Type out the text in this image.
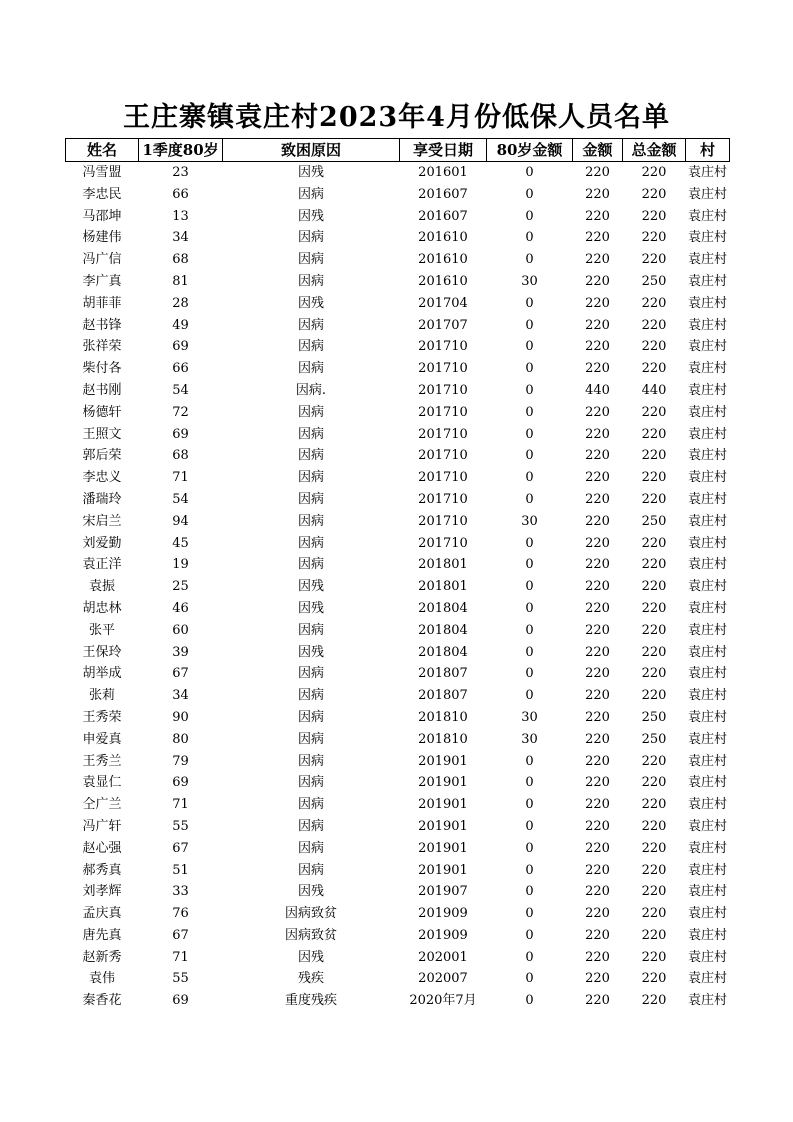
王庄寨镇袁庄村2023年4月份低保人员名单
姓名	1季度80岁	致困原因	享受日期	80岁金额	金额	总金额	村
冯雪盟	23	因残	201601	0	220	220	袁庄村
李忠民	66	因病	201607	0	220	220	袁庄村
马邵坤	13	因残	201607	0	220	220	袁庄村
杨建伟	34	因病	201610	0	220	220	袁庄村
冯广信	68	因病	201610	0	220	220	袁庄村
李广真	81	因病	201610	30	220	250	袁庄村
胡菲菲	28	因残	201704	0	220	220	袁庄村
赵书锋	49	因病	201707	0	220	220	袁庄村
张祥荣	69	因病	201710	0	220	220	袁庄村
柴付各	66	因病	201710	0	220	220	袁庄村
赵书刚	54	因病.	201710	0	440	440	袁庄村
杨德轩	72	因病	201710	0	220	220	袁庄村
王照文	69	因病	201710	0	220	220	袁庄村
郭后荣	68	因病	201710	0	220	220	袁庄村
李忠义	71	因病	201710	0	220	220	袁庄村
潘瑞玲	54	因病	201710	0	220	220	袁庄村
宋启兰	94	因病	201710	30	220	250	袁庄村
刘爱勤	45	因病	201710	0	220	220	袁庄村
袁正洋	19	因病	201801	0	220	220	袁庄村
袁振	25	因残	201801	0	220	220	袁庄村
胡忠林	46	因残	201804	0	220	220	袁庄村
张平	60	因病	201804	0	220	220	袁庄村
王保玲	39	因残	201804	0	220	220	袁庄村
胡举成	67	因病	201807	0	220	220	袁庄村
张莉	34	因病	201807	0	220	220	袁庄村
王秀荣	90	因病	201810	30	220	250	袁庄村
申爱真	80	因病	201810	30	220	250	袁庄村
王秀兰	79	因病	201901	0	220	220	袁庄村
袁显仁	69	因病	201901	0	220	220	袁庄村
仝广兰	71	因病	201901	0	220	220	袁庄村
冯广轩	55	因病	201901	0	220	220	袁庄村
赵心强	67	因病	201901	0	220	220	袁庄村
郝秀真	51	因病	201901	0	220	220	袁庄村
刘孝辉	33	因残	201907	0	220	220	袁庄村
孟庆真	76	因病致贫	201909	0	220	220	袁庄村
唐先真	67	因病致贫	201909	0	220	220	袁庄村
赵新秀	71	因残	202001	0	220	220	袁庄村
袁伟	55	残疾	202007	0	220	220	袁庄村
秦香花	69	重度残疾	2020年7月	0	220	220	袁庄村
